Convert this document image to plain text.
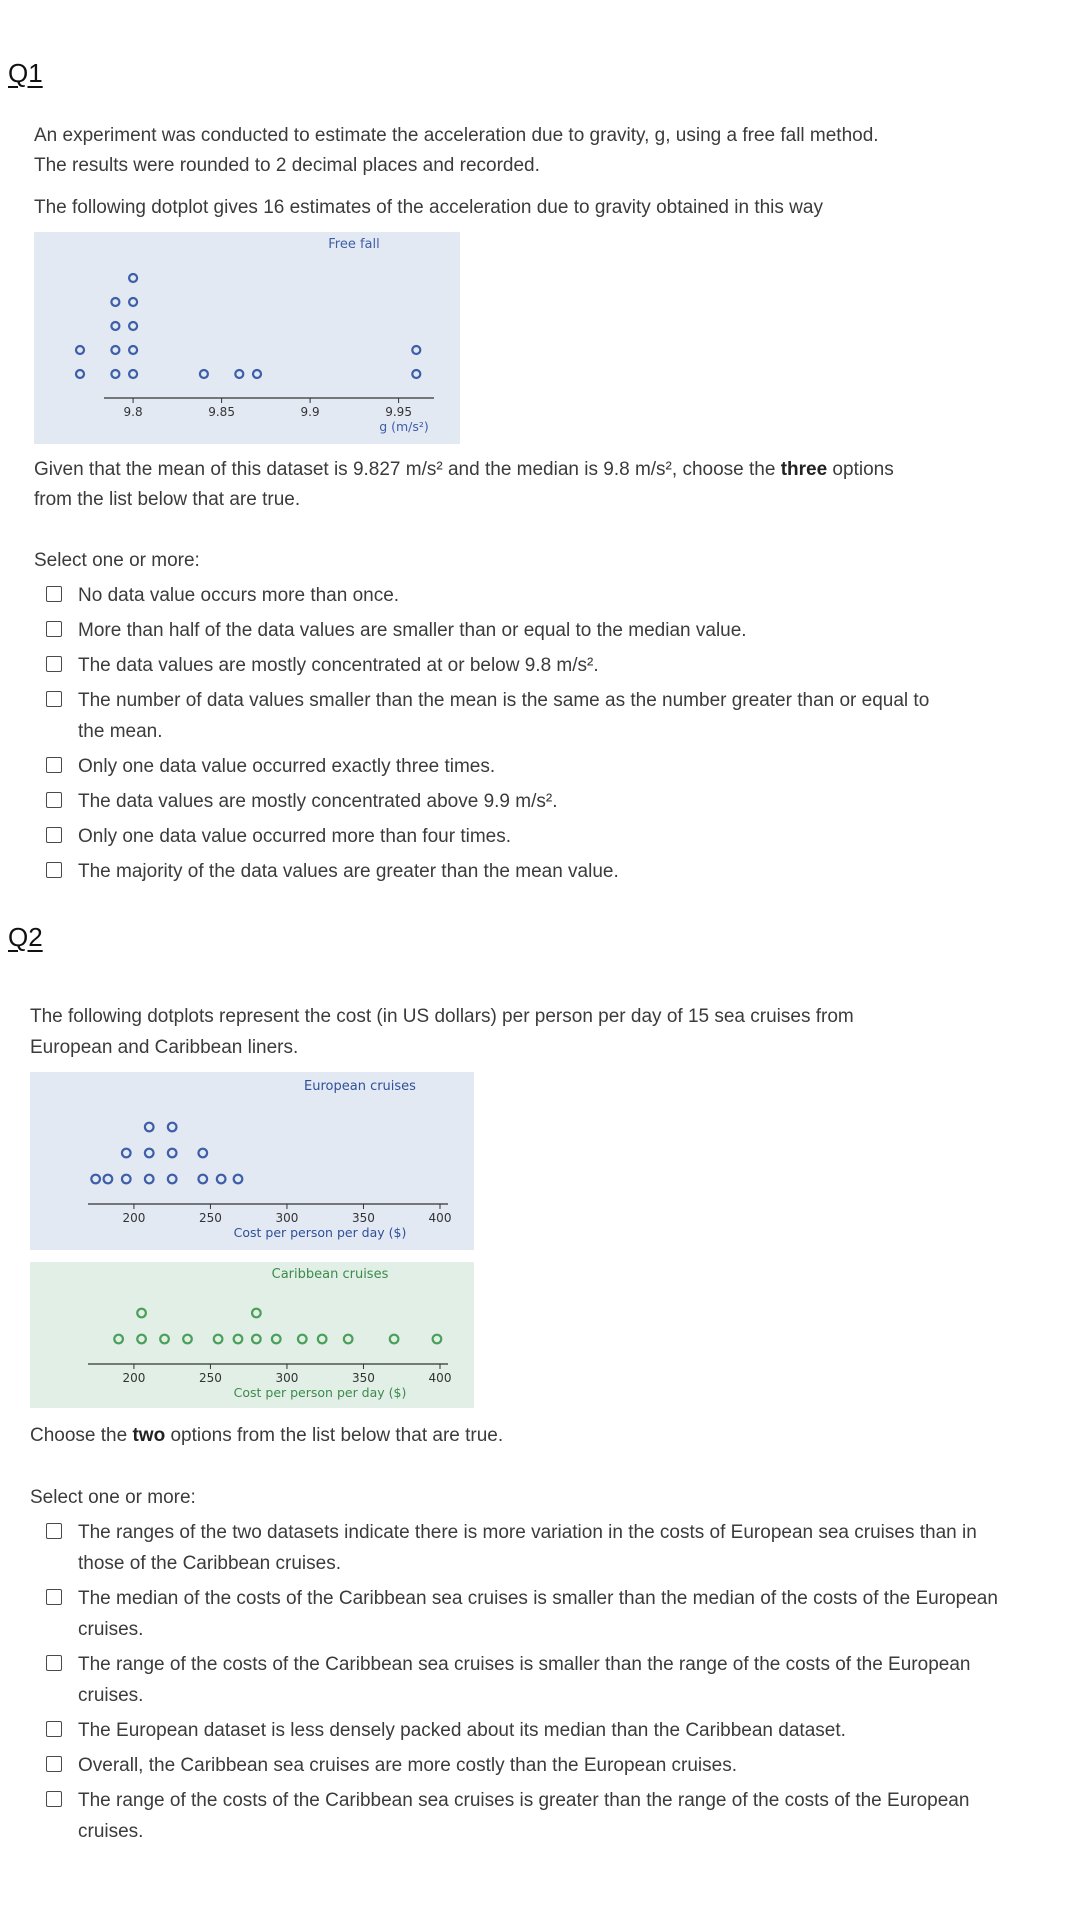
Q1
An experiment was conducted to estimate the acceleration due to gravity, g, using a free fall method.
The results were rounded to 2 decimal places and recorded.
The following dotplot gives 16 estimates of the acceleration due to gravity obtained in this way
Free fall
9.8	9.85	9.9	9.95
g (m/s²)
Given that the mean of this dataset is 9.827 m/s² and the median is 9.8 m/s², choose the three options
from the list below that are true.
Select one or more:
No data value occurs more than once.
More than half of the data values are smaller than or equal to the median value.
The data values are mostly concentrated at or below 9.8 m/s².
The number of data values smaller than the mean is the same as the number greater than or equal to the mean.
Only one data value occurred exactly three times.
The data values are mostly concentrated above 9.9 m/s².
Only one data value occurred more than four times.
The majority of the data values are greater than the mean value.
Q2
The following dotplots represent the cost (in US dollars) per person per day of 15 sea cruises from
European and Caribbean liners.
European cruises
200	250	300	350	400
Cost per person per day ($)
Caribbean cruises
200	250	300	350	400
Cost per person per day ($)
Choose the two options from the list below that are true.
Select one or more:
The ranges of the two datasets indicate there is more variation in the costs of European sea cruises than in those of the Caribbean cruises.
The median of the costs of the Caribbean sea cruises is smaller than the median of the costs of the European cruises.
The range of the costs of the Caribbean sea cruises is smaller than the range of the costs of the European cruises.
The European dataset is less densely packed about its median than the Caribbean dataset.
Overall, the Caribbean sea cruises are more costly than the European cruises.
The range of the costs of the Caribbean sea cruises is greater than the range of the costs of the European cruises.
